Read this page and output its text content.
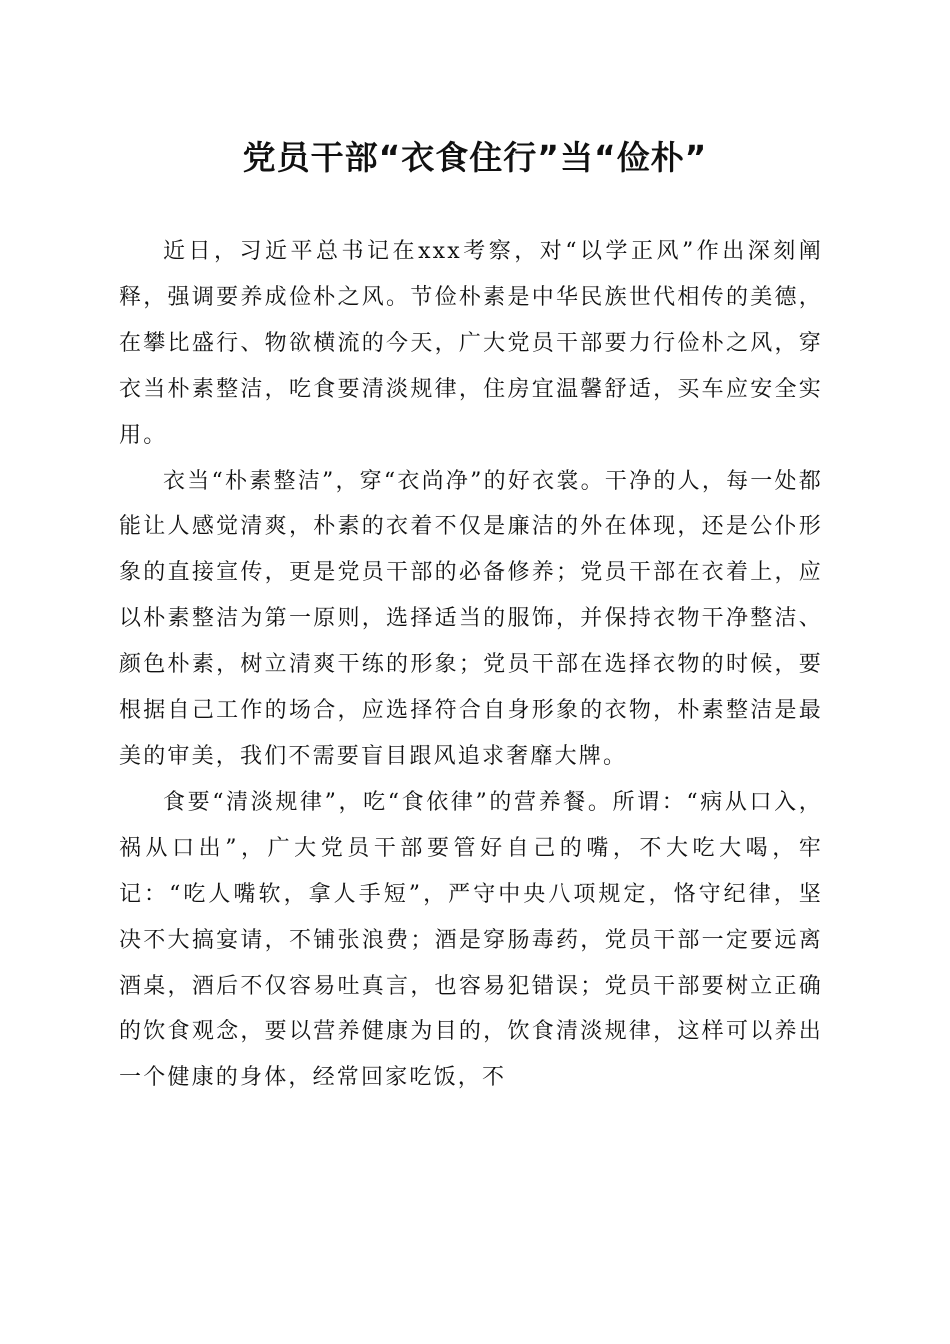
党员干部“衣食住行”当“俭朴”

近日，习近平总书记在xxx考察，对“以学正风”作出深刻阐释，强调要养成俭朴之风。节俭朴素是中华民族世代相传的美德，在攀比盛行、物欲横流的今天，广大党员干部要力行俭朴之风，穿衣当朴素整洁，吃食要清淡规律，住房宜温馨舒适，买车应安全实用。

衣当“朴素整洁”，穿“衣尚净”的好衣裳。干净的人，每一处都能让人感觉清爽，朴素的衣着不仅是廉洁的外在体现，还是公仆形象的直接宣传，更是党员干部的必备修养；党员干部在衣着上，应以朴素整洁为第一原则，选择适当的服饰，并保持衣物干净整洁、颜色朴素，树立清爽干练的形象；党员干部在选择衣物的时候，要根据自己工作的场合，应选择符合自身形象的衣物，朴素整洁是最美的审美，我们不需要盲目跟风追求奢靡大牌。

食要“清淡规律”，吃“食依律”的营养餐。所谓：“病从口入，祸从口出”，广大党员干部要管好自己的嘴，不大吃大喝，牢记：“吃人嘴软，拿人手短”，严守中央八项规定，恪守纪律，坚决不大搞宴请，不铺张浪费；酒是穿肠毒药，党员干部一定要远离酒桌，酒后不仅容易吐真言，也容易犯错误；党员干部要树立正确的饮食观念，要以营养健康为目的，饮食清淡规律，这样可以养出一个健康的身体，经常回家吃饭，不
